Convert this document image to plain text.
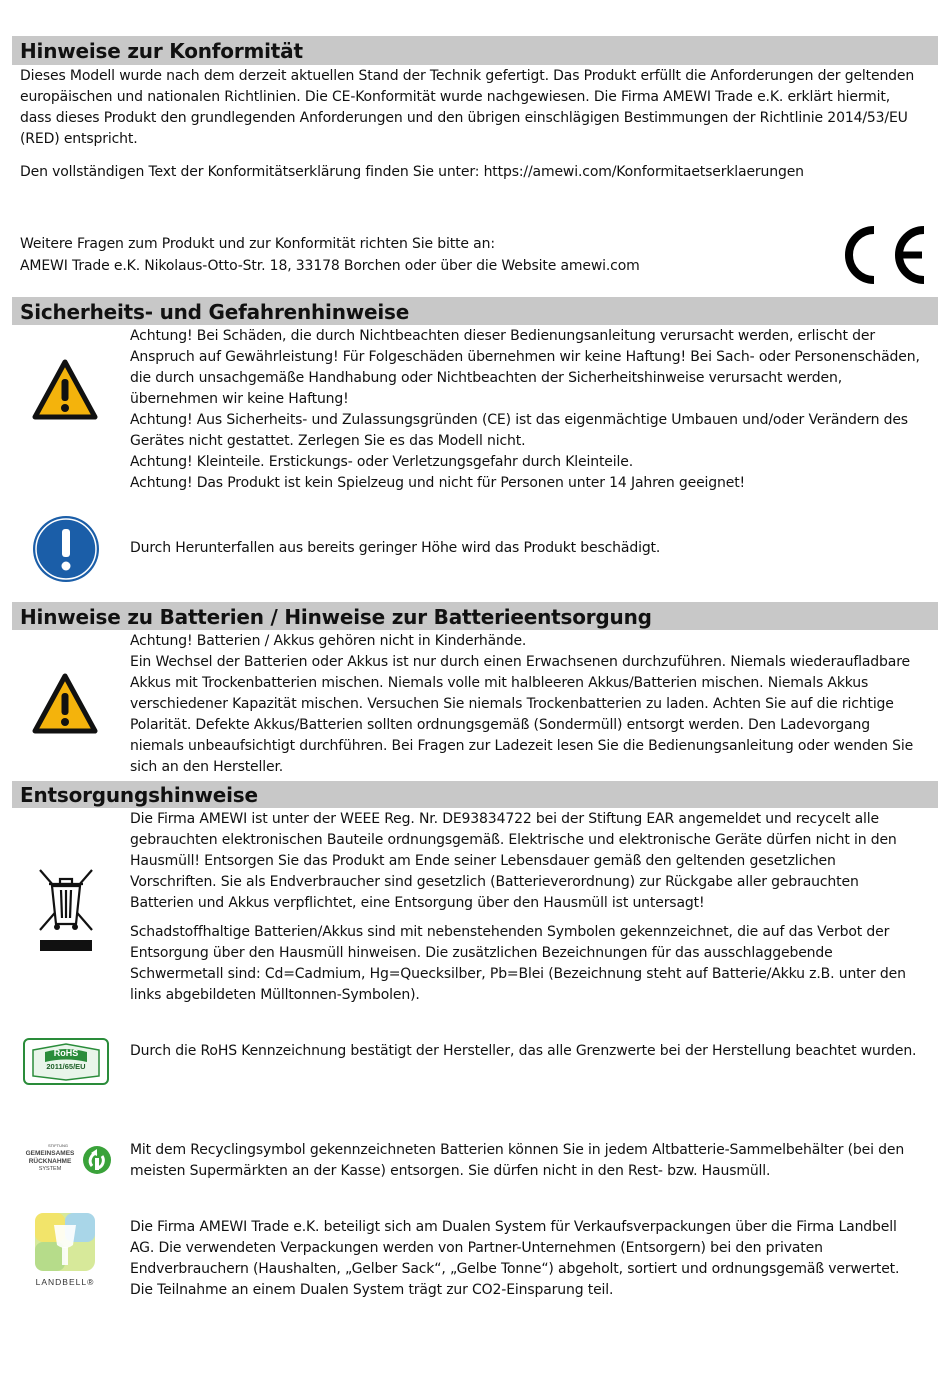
Hinweise zur Konformität
Dieses Modell wurde nach dem derzeit aktuellen Stand der Technik gefertigt. Das Produkt erfüllt die Anforderungen der geltenden europäischen und nationalen Richtlinien. Die CE-Konformität wurde nachgewiesen. Die Firma AMEWI Trade e.K. erklärt hiermit, dass dieses Produkt den grundlegenden Anforderungen und den übrigen einschlägigen Bestimmungen der Richtlinie 2014/53/EU (RED) entspricht.
Den vollständigen Text der Konformitätserklärung finden Sie unter: https://amewi.com/Konformitaetserklaerungen
Weitere Fragen zum Produkt und zur Konformität richten Sie bitte an:
AMEWI Trade e.K. Nikolaus-Otto-Str. 18, 33178 Borchen oder über die Website amewi.com
Sicherheits- und Gefahrenhinweise
Achtung! Bei Schäden, die durch Nichtbeachten dieser Bedienungsanleitung verursacht werden, erlischt der Anspruch auf Gewährleistung! Für Folgeschäden übernehmen wir keine Haftung! Bei Sach- oder Personenschäden, die durch unsachgemäße Handhabung oder Nichtbeachten der Sicherheitshinweise verursacht werden, übernehmen wir keine Haftung!
Achtung! Aus Sicherheits- und Zulassungsgründen (CE) ist das eigenmächtige Umbauen und/oder Verändern des Gerätes nicht gestattet. Zerlegen Sie es das Modell nicht.
Achtung! Kleinteile. Erstickungs- oder Verletzungsgefahr durch Kleinteile.
Achtung! Das Produkt ist kein Spielzeug und nicht für Personen unter 14 Jahren geeignet!
Durch Herunterfallen aus bereits geringer Höhe wird das Produkt beschädigt.
Hinweise zu Batterien / Hinweise zur Batterieentsorgung
Achtung! Batterien / Akkus gehören nicht in Kinderhände.
Ein Wechsel der Batterien oder Akkus ist nur durch einen Erwachsenen durchzuführen. Niemals wiederaufladbare Akkus mit Trockenbatterien mischen. Niemals volle mit halbleeren Akkus/Batterien mischen. Niemals Akkus verschiedener Kapazität mischen. Versuchen Sie niemals Trockenbatterien zu laden. Achten Sie auf die richtige Polarität. Defekte Akkus/Batterien sollten ordnungsgemäß (Sondermüll) entsorgt werden. Den Ladevorgang niemals unbeaufsichtigt durchführen. Bei Fragen zur Ladezeit lesen Sie die Bedienungsanleitung oder wenden Sie sich an den Hersteller.
Entsorgungshinweise
Die Firma AMEWI ist unter der WEEE Reg. Nr. DE93834722 bei der Stiftung EAR angemeldet und recycelt alle gebrauchten elektronischen Bauteile ordnungsgemäß. Elektrische und elektronische Geräte dürfen nicht in den Hausmüll! Entsorgen Sie das Produkt am Ende seiner Lebensdauer gemäß den geltenden gesetzlichen Vorschriften. Sie als Endverbraucher sind gesetzlich (Batterieverordnung) zur Rückgabe aller gebrauchten Batterien und Akkus verpflichtet, eine Entsorgung über den Hausmüll ist untersagt!
Schadstoffhaltige Batterien/Akkus sind mit nebenstehenden Symbolen gekennzeichnet, die auf das Verbot der Entsorgung über den Hausmüll hinweisen. Die zusätzlichen Bezeichnungen für das ausschlaggebende Schwermetall sind: Cd=Cadmium, Hg=Quecksilber, Pb=Blei (Bezeichnung steht auf Batterie/Akku z.B. unter den links abgebildeten Mülltonnen-Symbolen).
RoHS
2011/65/EU
Durch die RoHS Kennzeichnung bestätigt der Hersteller, das alle Grenzwerte bei der Herstellung beachtet wurden.
STIFTUNG
GEMEINSAMES
RÜCKNAHME
SYSTEM
Mit dem Recyclingsymbol gekennzeichneten Batterien können Sie in jedem Altbatterie-Sammelbehälter (bei den meisten Supermärkten an der Kasse) entsorgen. Sie dürfen nicht in den Rest- bzw. Hausmüll.
LANDBELL®
Die Firma AMEWI Trade e.K. beteiligt sich am Dualen System für Verkaufsverpackungen über die Firma Landbell AG. Die verwendeten Verpackungen werden von Partner-Unternehmen (Entsorgern) bei den privaten Endverbrauchern (Haushalten, „Gelber Sack“, „Gelbe Tonne“) abgeholt, sortiert und ordnungsgemäß verwertet. Die Teilnahme an einem Dualen System trägt zur CO2-Einsparung teil.
